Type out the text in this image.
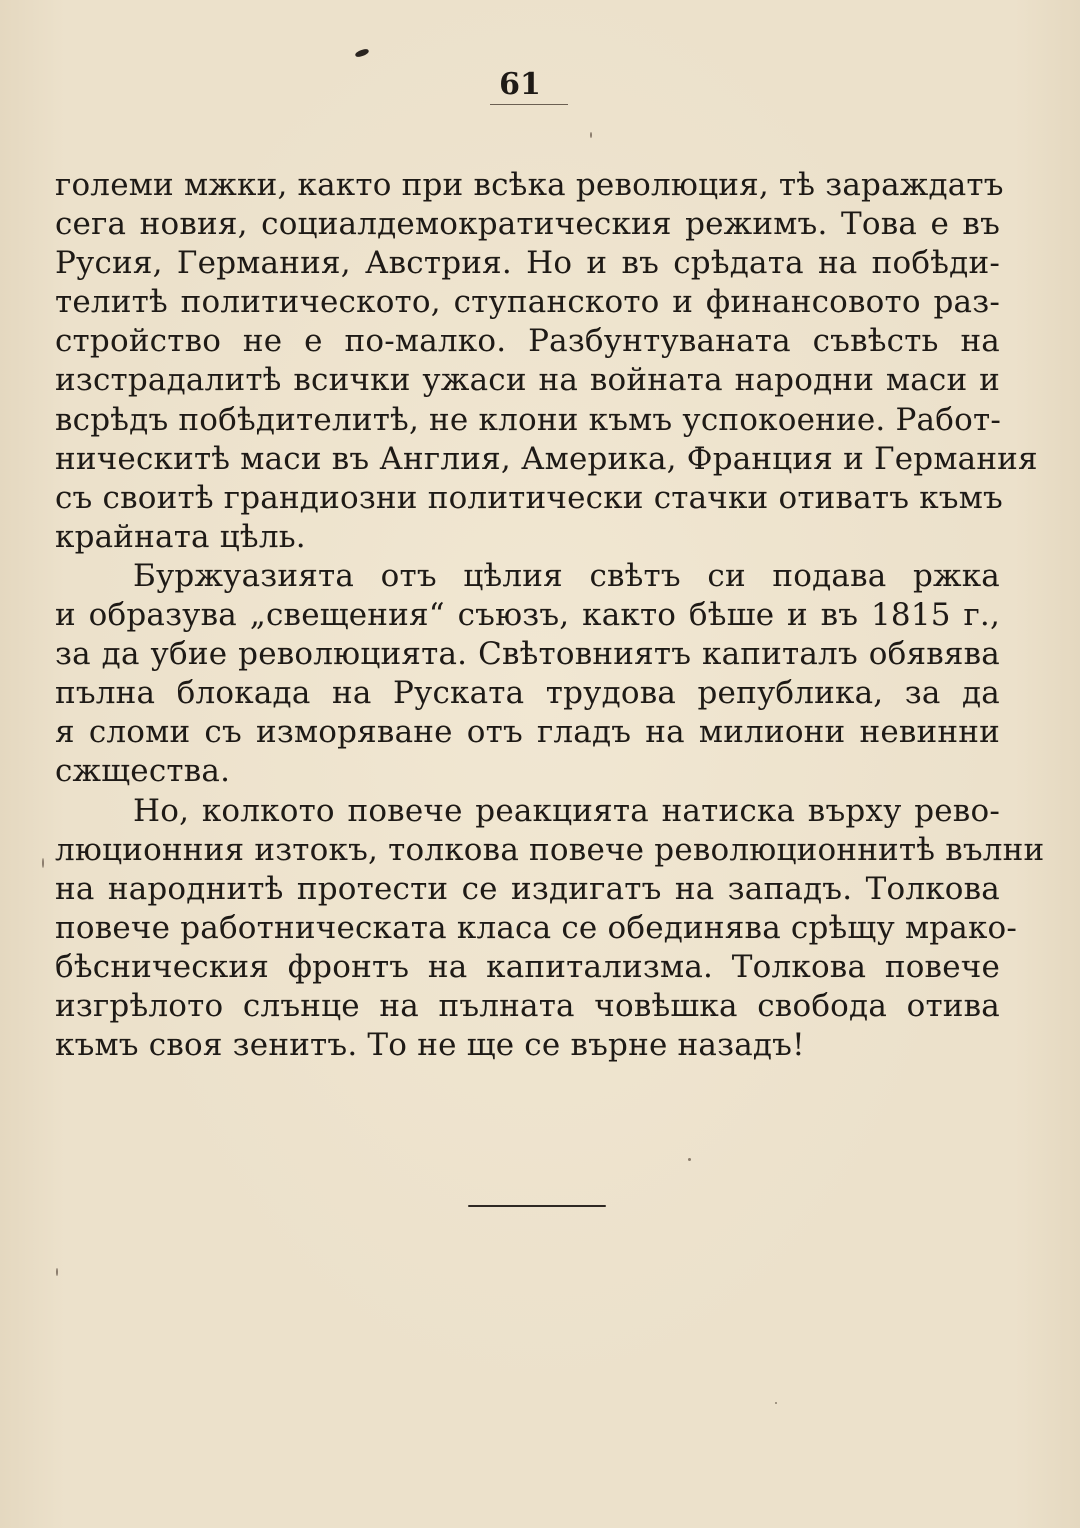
61

големи мжки, както при всѣка революция, тѣ зараждатъ
сега новия, социалдемократическия режимъ. Това е въ
Русия, Германия, Австрия. Но и въ срѣдата на побѣди-
телитѣ политическото, ступанското и финансовото раз-
стройство не е по-малко. Разбунтуваната съвѣсть на
изстрадалитѣ всички ужаси на войната народни маси и
всрѣдъ побѣдителитѣ, не клони къмъ успокоение. Работ-
ническитѣ маси въ Англия, Америка, Франция и Германия
съ своитѣ грандиозни политически стачки отиватъ къмъ
крайната цѣль.

Буржуазията отъ цѣлия свѣтъ си подава ржка
и образува „свещения“ съюзъ, както бѣше и въ 1815 г.,
за да убие революцията. Свѣтовниятъ капиталъ обявява
пълна блокада на Руската трудова република, за да
я сломи съ изморяване отъ гладъ на милиони невинни
сжщества.

Но, колкото повече реакцията натиска върху рево-
люционния изтокъ, толкова повече революционнитѣ вълни
на народнитѣ протести се издигатъ на западъ. Толкова
повече работническата класа се обединява срѣщу мрако-
бѣсническия фронтъ на капитализма. Толкова повече
изгрѣлото слънце на пълната човѣшка свобода отива
къмъ своя зенитъ. То не ще се върне назадъ!
